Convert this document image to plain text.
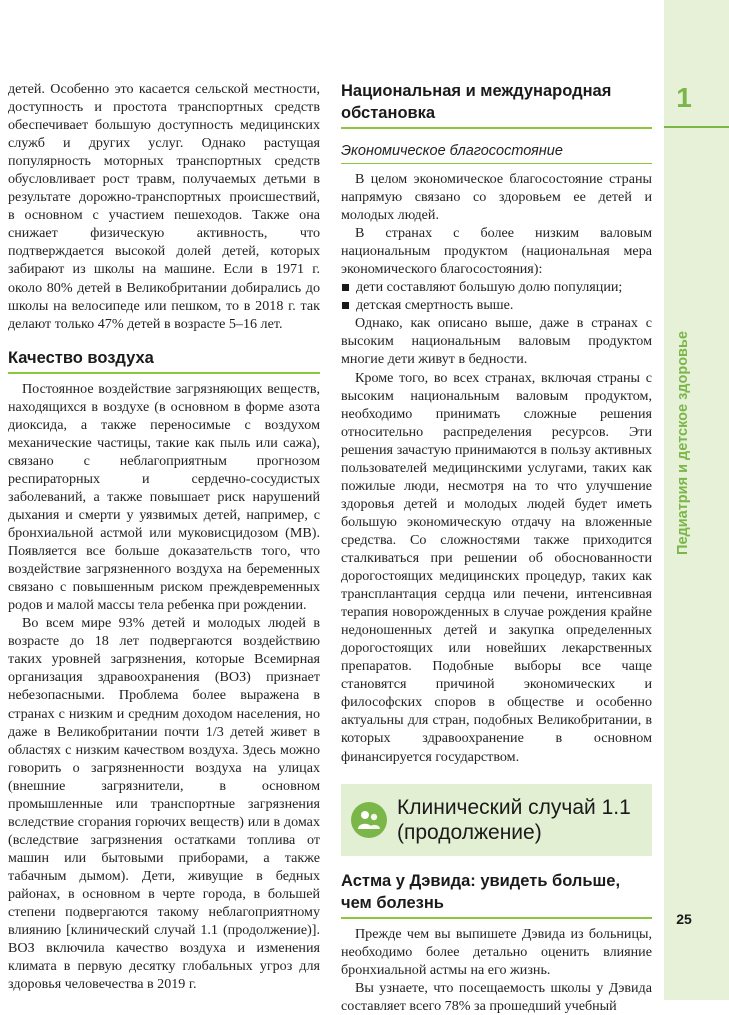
1
Педиатрия и детское здоровье
25

детей. Особенно это касается сельской местности, доступность и простота транспортных средств обеспечивает большую доступность медицинских служб и других услуг. Однако растущая популярность моторных транспортных средств обусловливает рост травм, получаемых детьми в результате дорожно-транспортных происшествий, в основном с участием пешеходов. Также она снижает физическую активность, что подтверждается высокой долей детей, которых забирают из школы на машине. Если в 1971 г. около 80% детей в Великобритании добирались до школы на велосипеде или пешком, то в 2018 г. так делают только 47% детей в возрасте 5–16 лет.

Качество воздуха

Постоянное воздействие загрязняющих веществ, находящихся в воздухе (в основном в форме азота диоксида, а также переносимые с воздухом механические частицы, такие как пыль или сажа), связано с неблагоприятным прогнозом респираторных и сердечно-сосудистых заболеваний, а также повышает риск нарушений дыхания и смерти у уязвимых детей, например, с бронхиальной астмой или муковисцидозом (МВ). Появляется все больше доказательств того, что воздействие загрязненного воздуха на беременных связано с повышенным риском преждевременных родов и малой массы тела ребенка при рождении.

Во всем мире 93% детей и молодых людей в возрасте до 18 лет подвергаются воздействию таких уровней загрязнения, которые Всемирная организация здравоохранения (ВОЗ) признает небезопасными. Проблема более выражена в странах с низким и средним доходом населения, но даже в Великобритании почти 1/3 детей живет в областях с низким качеством воздуха. Здесь можно говорить о загрязненности воздуха на улицах (внешние загрязнители, в основном промышленные или транспортные загрязнения вследствие сгорания горючих веществ) или в домах (вследствие загрязнения остатками топлива от машин или бытовыми приборами, а также табачным дымом). Дети, живущие в бедных районах, в основном в черте города, в большей степени подвергаются такому неблагоприятному влиянию [клинический случай 1.1 (продолжение)]. ВОЗ включила качество воздуха и изменения климата в первую десятку глобальных угроз для здоровья человечества в 2019 г.

Национальная и международная обстановка
Экономическое благосостояние

В целом экономическое благосостояние страны напрямую связано со здоровьем ее детей и молодых людей.

В странах с более низким валовым национальным продуктом (национальная мера экономического благосостояния):

дети составляют большую долю популяции;
детская смертность выше.

Однако, как описано выше, даже в странах с высоким национальным валовым продуктом многие дети живут в бедности.

Кроме того, во всех странах, включая страны с высоким национальным валовым продуктом, необходимо принимать сложные решения относительно распределения ресурсов. Эти решения зачастую принимаются в пользу активных пользователей медицинскими услугами, таких как пожилые люди, несмотря на то что улучшение здоровья детей и молодых людей будет иметь большую экономическую отдачу на вложенные средства. Со сложностями также приходится сталкиваться при решении об обоснованности дорогостоящих медицинских процедур, таких как трансплантация сердца или печени, интенсивная терапия новорожденных в случае рождения крайне недоношенных детей и закупка определенных дорогостоящих или новейших лекарственных препаратов. Подобные выборы все чаще становятся причиной экономических и философских споров в обществе и особенно актуальны для стран, подобных Великобритании, в которых здравоохранение в основном финансируется государством.

Клинический случай 1.1
(продолжение)
Астма у Дэвида: увидеть больше, чем болезнь

Прежде чем вы выпишете Дэвида из больницы, необходимо более детально оценить влияние бронхиальной астмы на его жизнь.

Вы узнаете, что посещаемость школы у Дэвида составляет всего 78% за прошедший учебный
